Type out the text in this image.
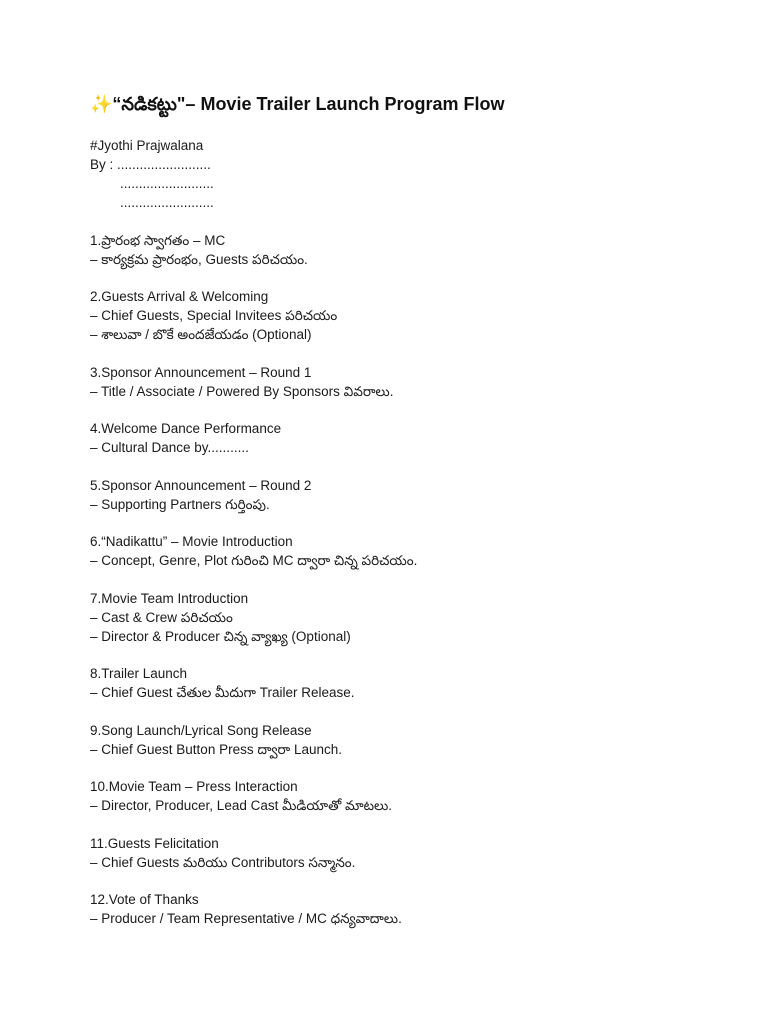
✨“నడికట్టు"– Movie Trailer Launch Program Flow
#Jyothi Prajwalana
By : .........................
.........................
.........................
1.ప్రారంభ స్వాగతం – MC
– కార్యక్రమ ప్రారంభం, Guests పరిచయం.
2.Guests Arrival & Welcoming
– Chief Guests, Special Invitees పరిచయం
– శాలువా / బొకే అందజేయడం (Optional)
3.Sponsor Announcement – Round 1
– Title / Associate / Powered By Sponsors వివరాలు.
4.Welcome Dance Performance
– Cultural Dance by...........
5.Sponsor Announcement – Round 2
– Supporting Partners గుర్తింపు.
6.“Nadikattu” – Movie Introduction
– Concept, Genre, Plot గురించి MC ద్వారా చిన్న పరిచయం.
7.Movie Team Introduction
– Cast & Crew పరిచయం
– Director & Producer చిన్న వ్యాఖ్య (Optional)
8.Trailer Launch
– Chief Guest చేతుల మీదుగా Trailer Release.
9.Song Launch/Lyrical Song Release
– Chief Guest Button Press ద్వారా Launch.
10.Movie Team – Press Interaction
– Director, Producer, Lead Cast మీడియాతో మాటలు.
11.Guests Felicitation
– Chief Guests మరియు Contributors సన్మానం.
12.Vote of Thanks
– Producer / Team Representative / MC ధన్యవాదాలు.
